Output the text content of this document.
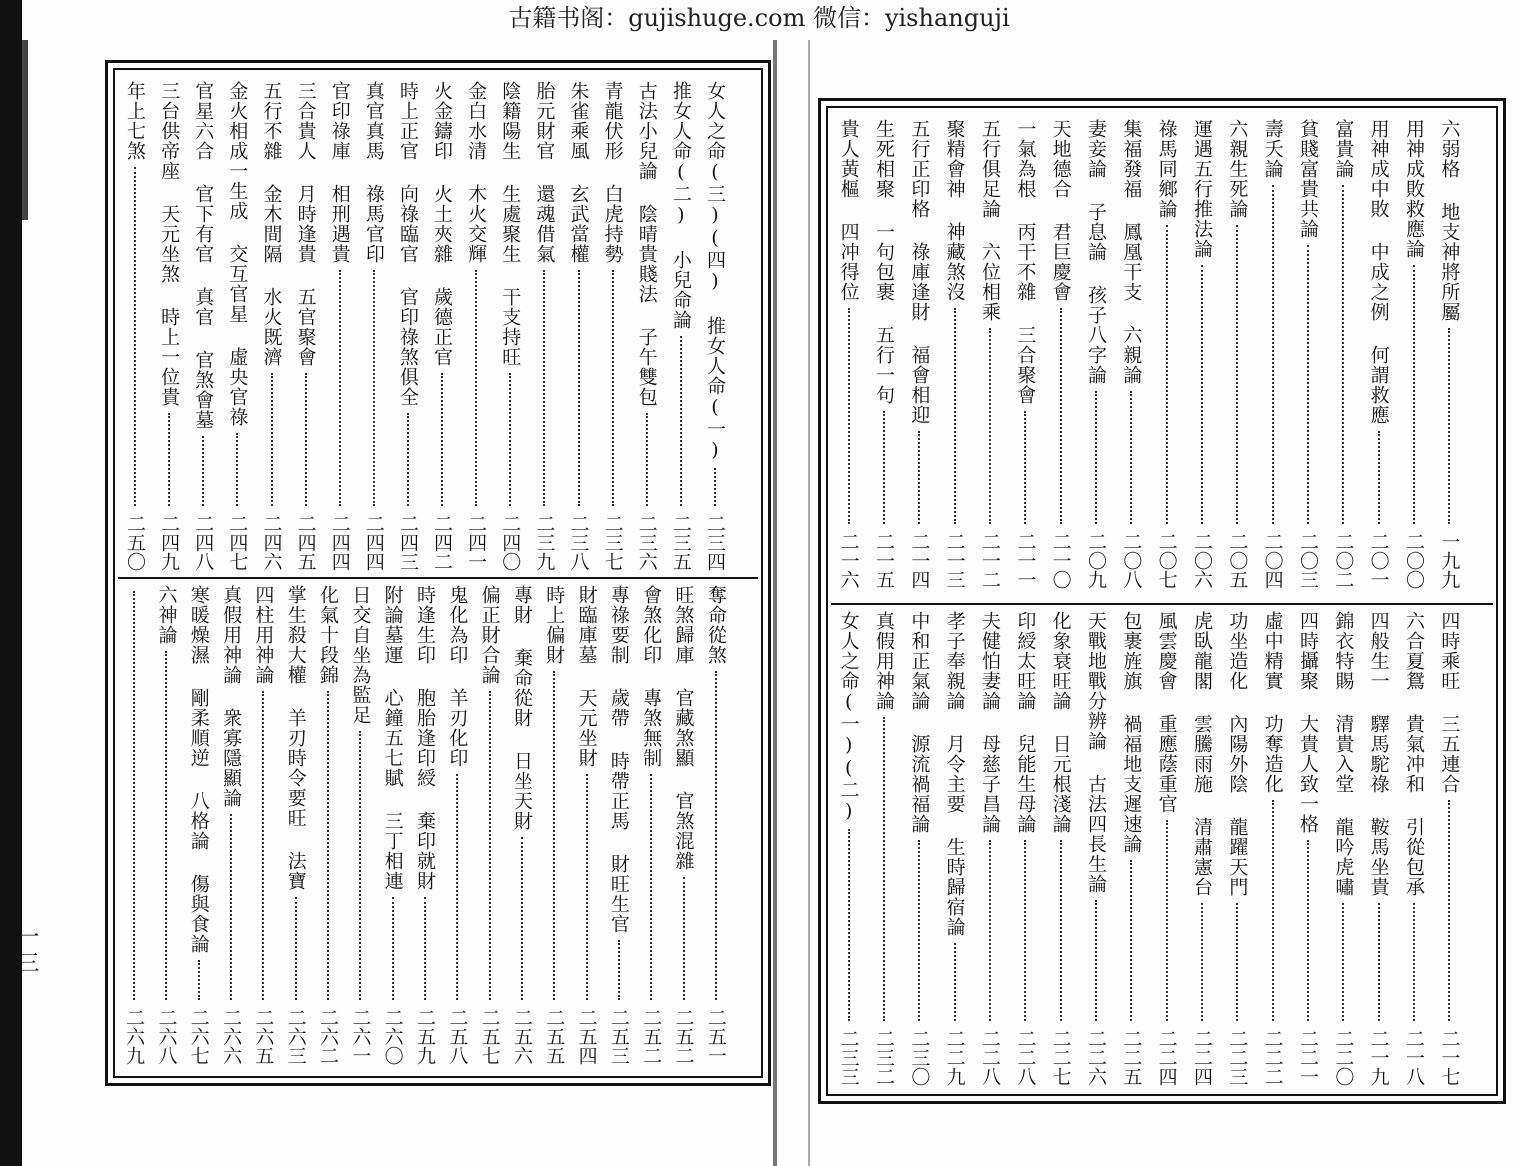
古籍书阁：gujishuge.com 微信：yishanguji
一三
女人之命(三)(四) 推女人命(一)
二三四
推女人命(二) 小兒命論
二三五
古法小兒論 陰晴貴賤法 子午雙包
二三六
青龍伏形 白虎持勢
二三七
朱雀乘風 玄武當權
二三八
胎元財官 還魂借氣
二三九
陰籍陽生 生處聚生 干支持旺
二四〇
金白水清 木火交輝
二四一
火金鑄印 火土夾雜 歲德正官
二四二
時上正官 向祿臨官 官印祿煞俱全
二四三
真官真馬 祿馬官印
二四四
官印祿庫 相刑遇貴
二四四
三合貴人 月時逢貴 五官聚會
二四五
五行不雜 金木間隔 水火既濟
二四六
金火相成一生成 交互官星 虛央官祿
二四七
官星六合 官下有官 真官 官煞會墓
二四八
三台供帝座 天元坐煞 時上一位貴
二四九
年上七煞
二五〇
奪命從煞
二五一
旺煞歸庫 官藏煞顯 官煞混雜
二五二
會煞化印 專煞無制
二五二
專祿要制 歲帶 時帶正馬 財旺生官
二五三
財臨庫墓 天元坐財
二五四
時上偏財
二五五
專財 棄命從財 日坐天財
二五六
偏正財合論
二五七
鬼化為印 羊刃化印
二五八
時逢生印 胞胎逢印綬 棄印就財
二五九
附論墓運 心鐘五七賦 三丁相連
二六〇
日交自坐為監足
二六一
化氣十段錦
二六二
掌生殺大權 羊刃時令要旺 法寶
二六三
四柱用神論
二六五
真假用神論 衆寡隱顯論
二六六
寒暖燥濕 剛柔順逆 八格論 傷與食論
二六七
六神論
二六八
二六九
六弱格 地支神將所屬
一九九
用神成敗救應論
二〇〇
用神成中敗 中成之例 何謂救應
二〇一
富貴論
二〇二
貧賤富貴共論
二〇三
壽夭論
二〇四
六親生死論
二〇五
運遇五行推法論
二〇六
祿馬同鄉論
二〇七
集福發福 鳳凰干支 六親論
二〇八
妻妾論 子息論 孩子八字論
二〇九
天地德合 君巨慶會
二一〇
一氣為根 丙干不雜 三合聚會
二一一
五行俱足論 六位相乘
二一二
聚精會神 神藏煞沒
二一三
五行正印格 祿庫逢財 福會相迎
二一四
生死相聚 一句包裹 五行一句
二一五
貴人黃樞 四冲得位
二一六
四時乘旺 三五連合
二一七
六合夏鴛 貴氣冲和 引從包承
二一八
四般生一 驛馬駝祿 鞍馬坐貴
二一九
錦衣特賜 清貴入堂 龍吟虎嘯
二二〇
四時攝聚 大貴人致一格
二二一
虛中精實 功奪造化
二二二
功坐造化 內陽外陰 龍躍天門
二二三
虎臥龍閣 雲騰雨施 清肅憲台
二二四
風雲慶會 重應蔭重官
二二四
包裹旌旗 禍福地支遲速論
二二五
天戰地戰分辨論 古法四長生論
二二六
化象衰旺論 日元根淺論
二二七
印綬太旺論 兒能生母論
二二八
夫健怕妻論 母慈子昌論
二二八
孝子奉親論 月令主要 生時歸宿論
二二九
中和正氣論 源流禍福論
二三〇
真假用神論
二三二
女人之命(一)(二)
二三三
